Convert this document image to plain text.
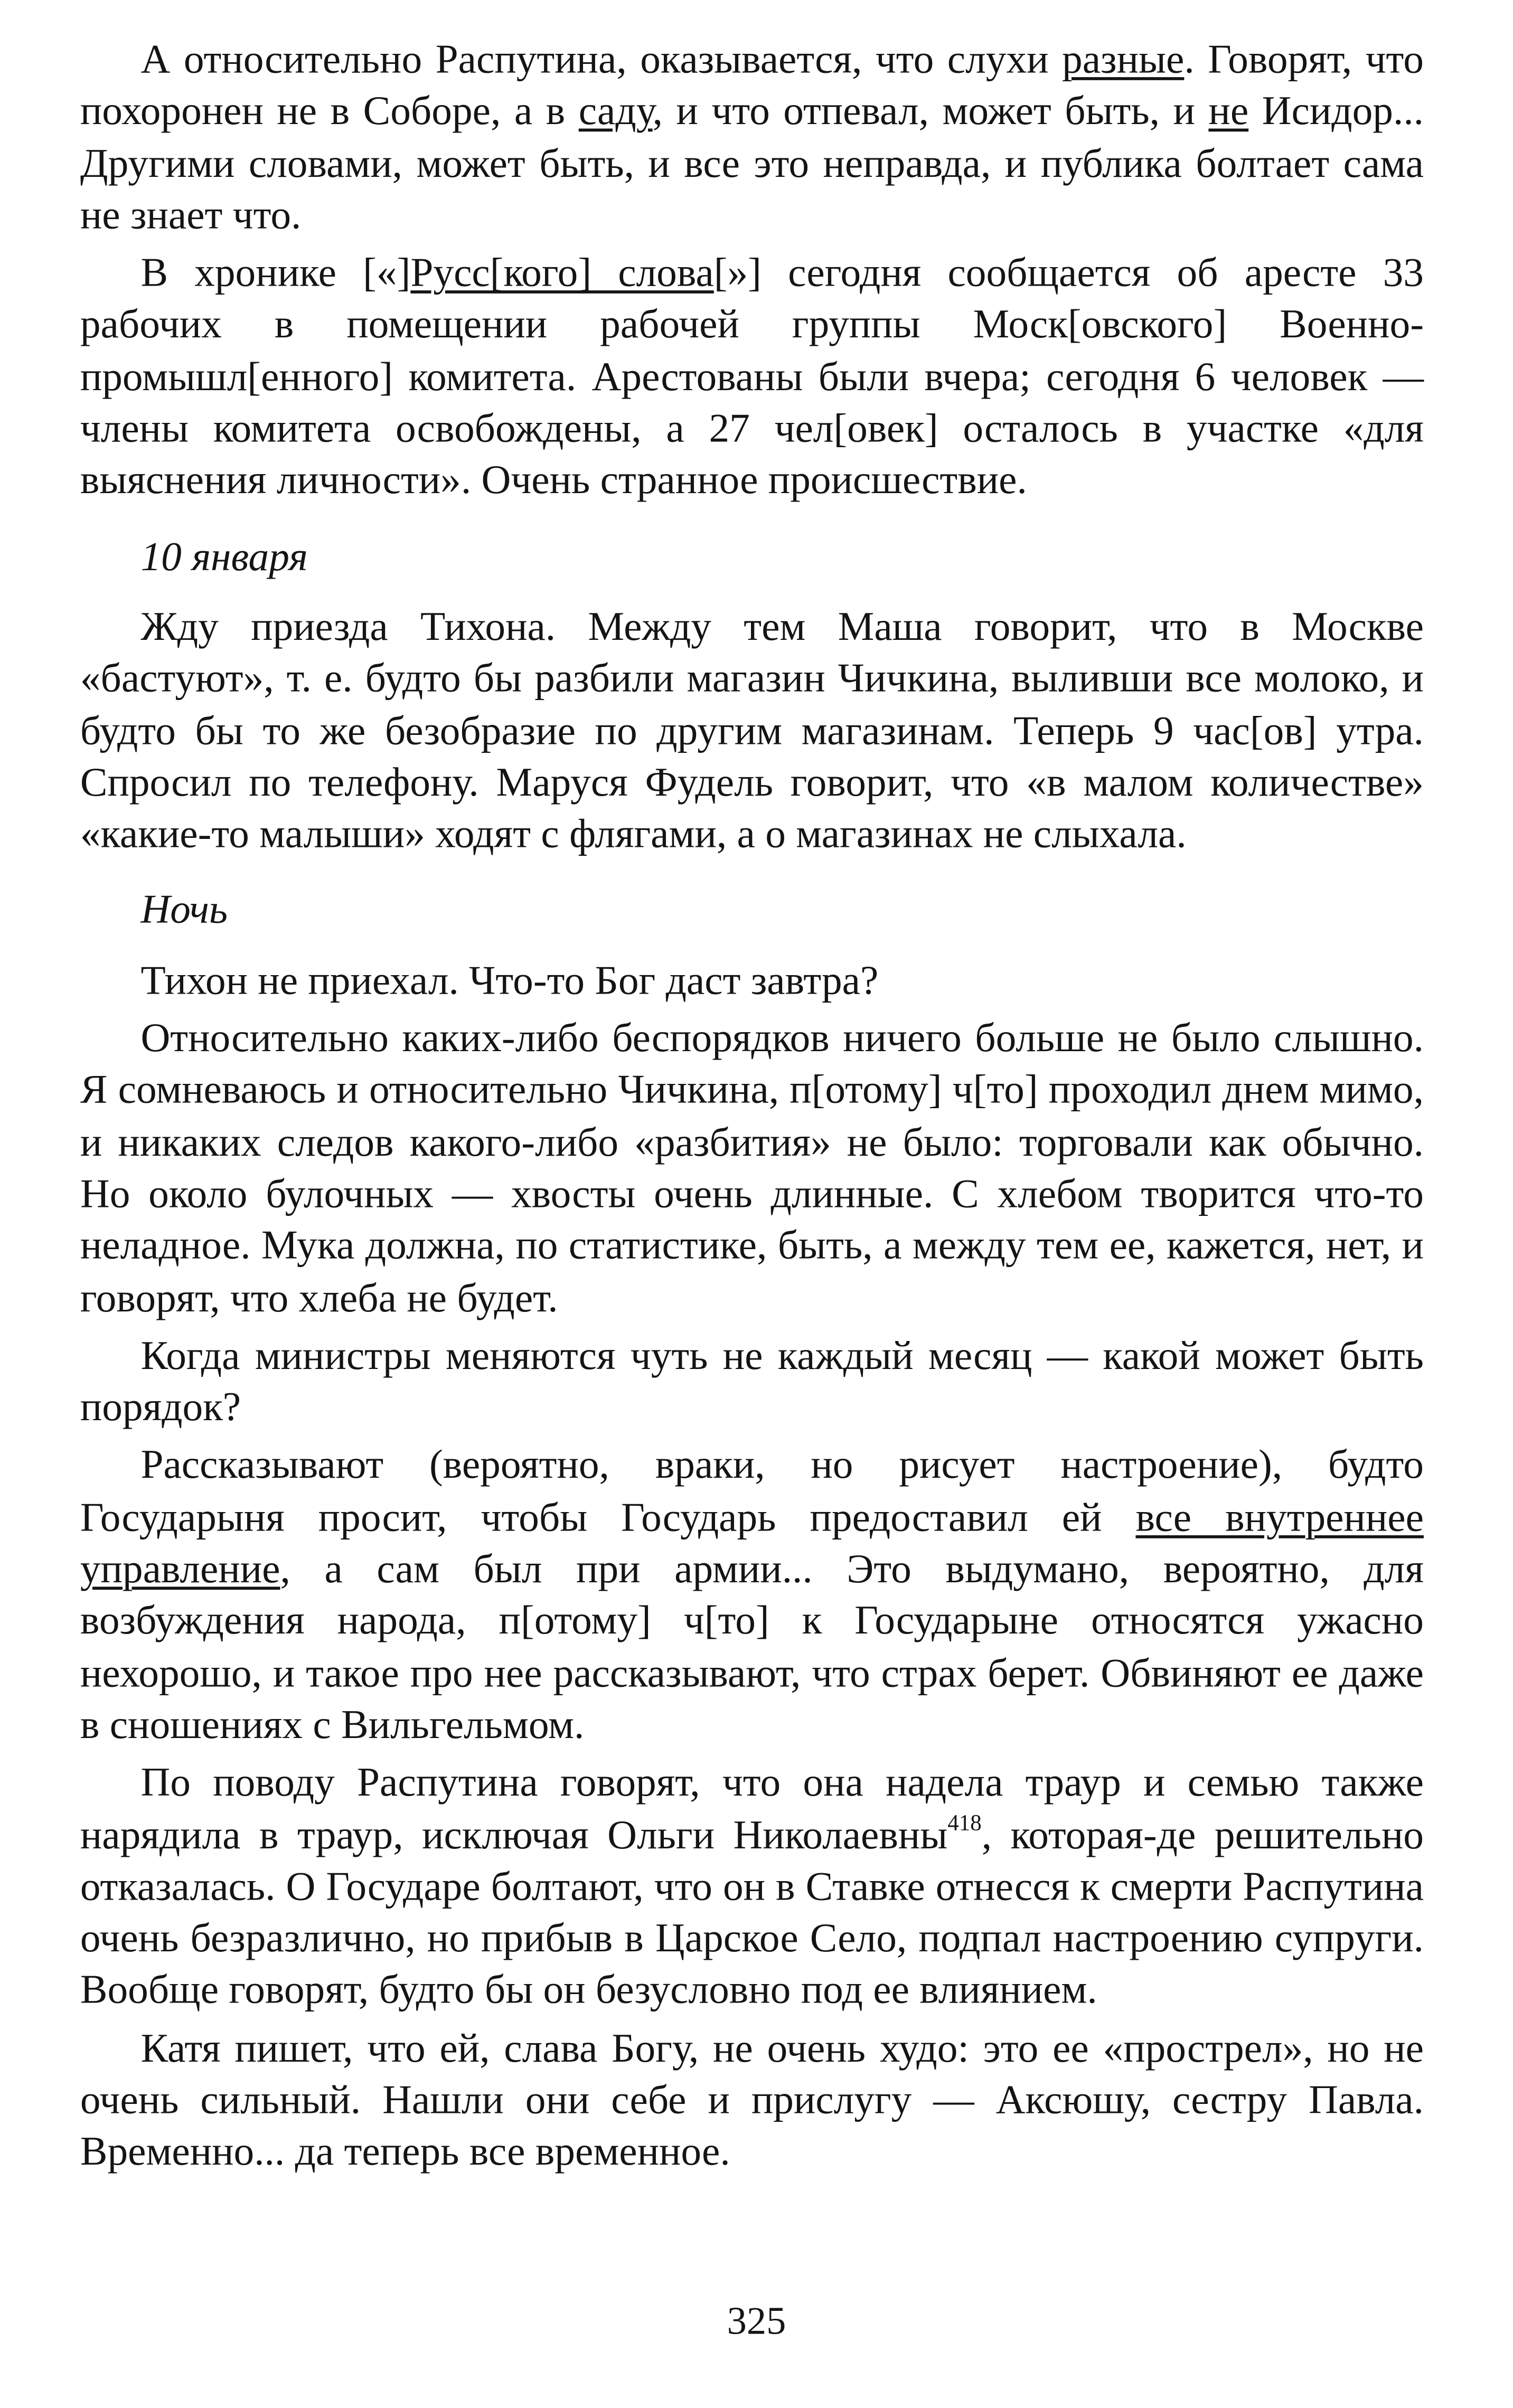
А относительно Распутина, оказывается, что слухи разные. Говорят, что похоронен не в Соборе, а в саду, и что отпевал, может быть, и не Исидор... Другими словами, может быть, и все это неправда, и публика болтает сама не знает что.

В хронике [«]Русс[кого] слова[»] сегодня сообщается об аресте 33 рабочих в помещении рабочей группы Моск[овского] Военно-промышл[енного] комитета. Арестованы были вчера; сегодня 6 человек — члены комитета освобождены, а 27 чел[овек] осталось в участке «для выяснения личности». Очень странное происшествие.

10 января

Жду приезда Тихона. Между тем Маша говорит, что в Москве «бастуют», т. е. будто бы разбили магазин Чичкина, выливши все молоко, и будто бы то же безобразие по другим магазинам. Теперь 9 час[ов] утра. Спросил по телефону. Маруся Фудель говорит, что «в малом количестве» «какие-то малыши» ходят с флягами, а о магазинах не слыхала.

Ночь

Тихон не приехал. Что-то Бог даст завтра?

Относительно каких-либо беспорядков ничего больше не было слышно. Я сомневаюсь и относительно Чичкина, п[отому] ч[то] проходил днем мимо, и никаких следов какого-либо «разбития» не было: торговали как обычно. Но около булочных — хвосты очень длинные. С хлебом творится что-то неладное. Мука должна, по статистике, быть, а между тем ее, кажется, нет, и говорят, что хлеба не будет.

Когда министры меняются чуть не каждый месяц — какой может быть порядок?

Рассказывают (вероятно, враки, но рисует настроение), будто Государыня просит, чтобы Государь предоставил ей все внутреннее управление, а сам был при армии... Это выдумано, вероятно, для возбуждения народа, п[отому] ч[то] к Государыне относятся ужасно нехорошо, и такое про нее рассказывают, что страх берет. Обвиняют ее даже в сношениях с Вильгельмом.

По поводу Распутина говорят, что она надела траур и семью также нарядила в траур, исключая Ольги Николаевны$^{418}$, которая-де решительно отказалась. О Государе болтают, что он в Ставке отнесся к смерти Распутина очень безразлично, но прибыв в Царское Село, подпал настроению супруги. Вообще говорят, будто бы он безусловно под ее влиянием.

Катя пишет, что ей, слава Богу, не очень худо: это ее «прострел», но не очень сильный. Нашли они себе и прислугу — Аксюшу, сестру Павла. Временно... да теперь все временное.

325
